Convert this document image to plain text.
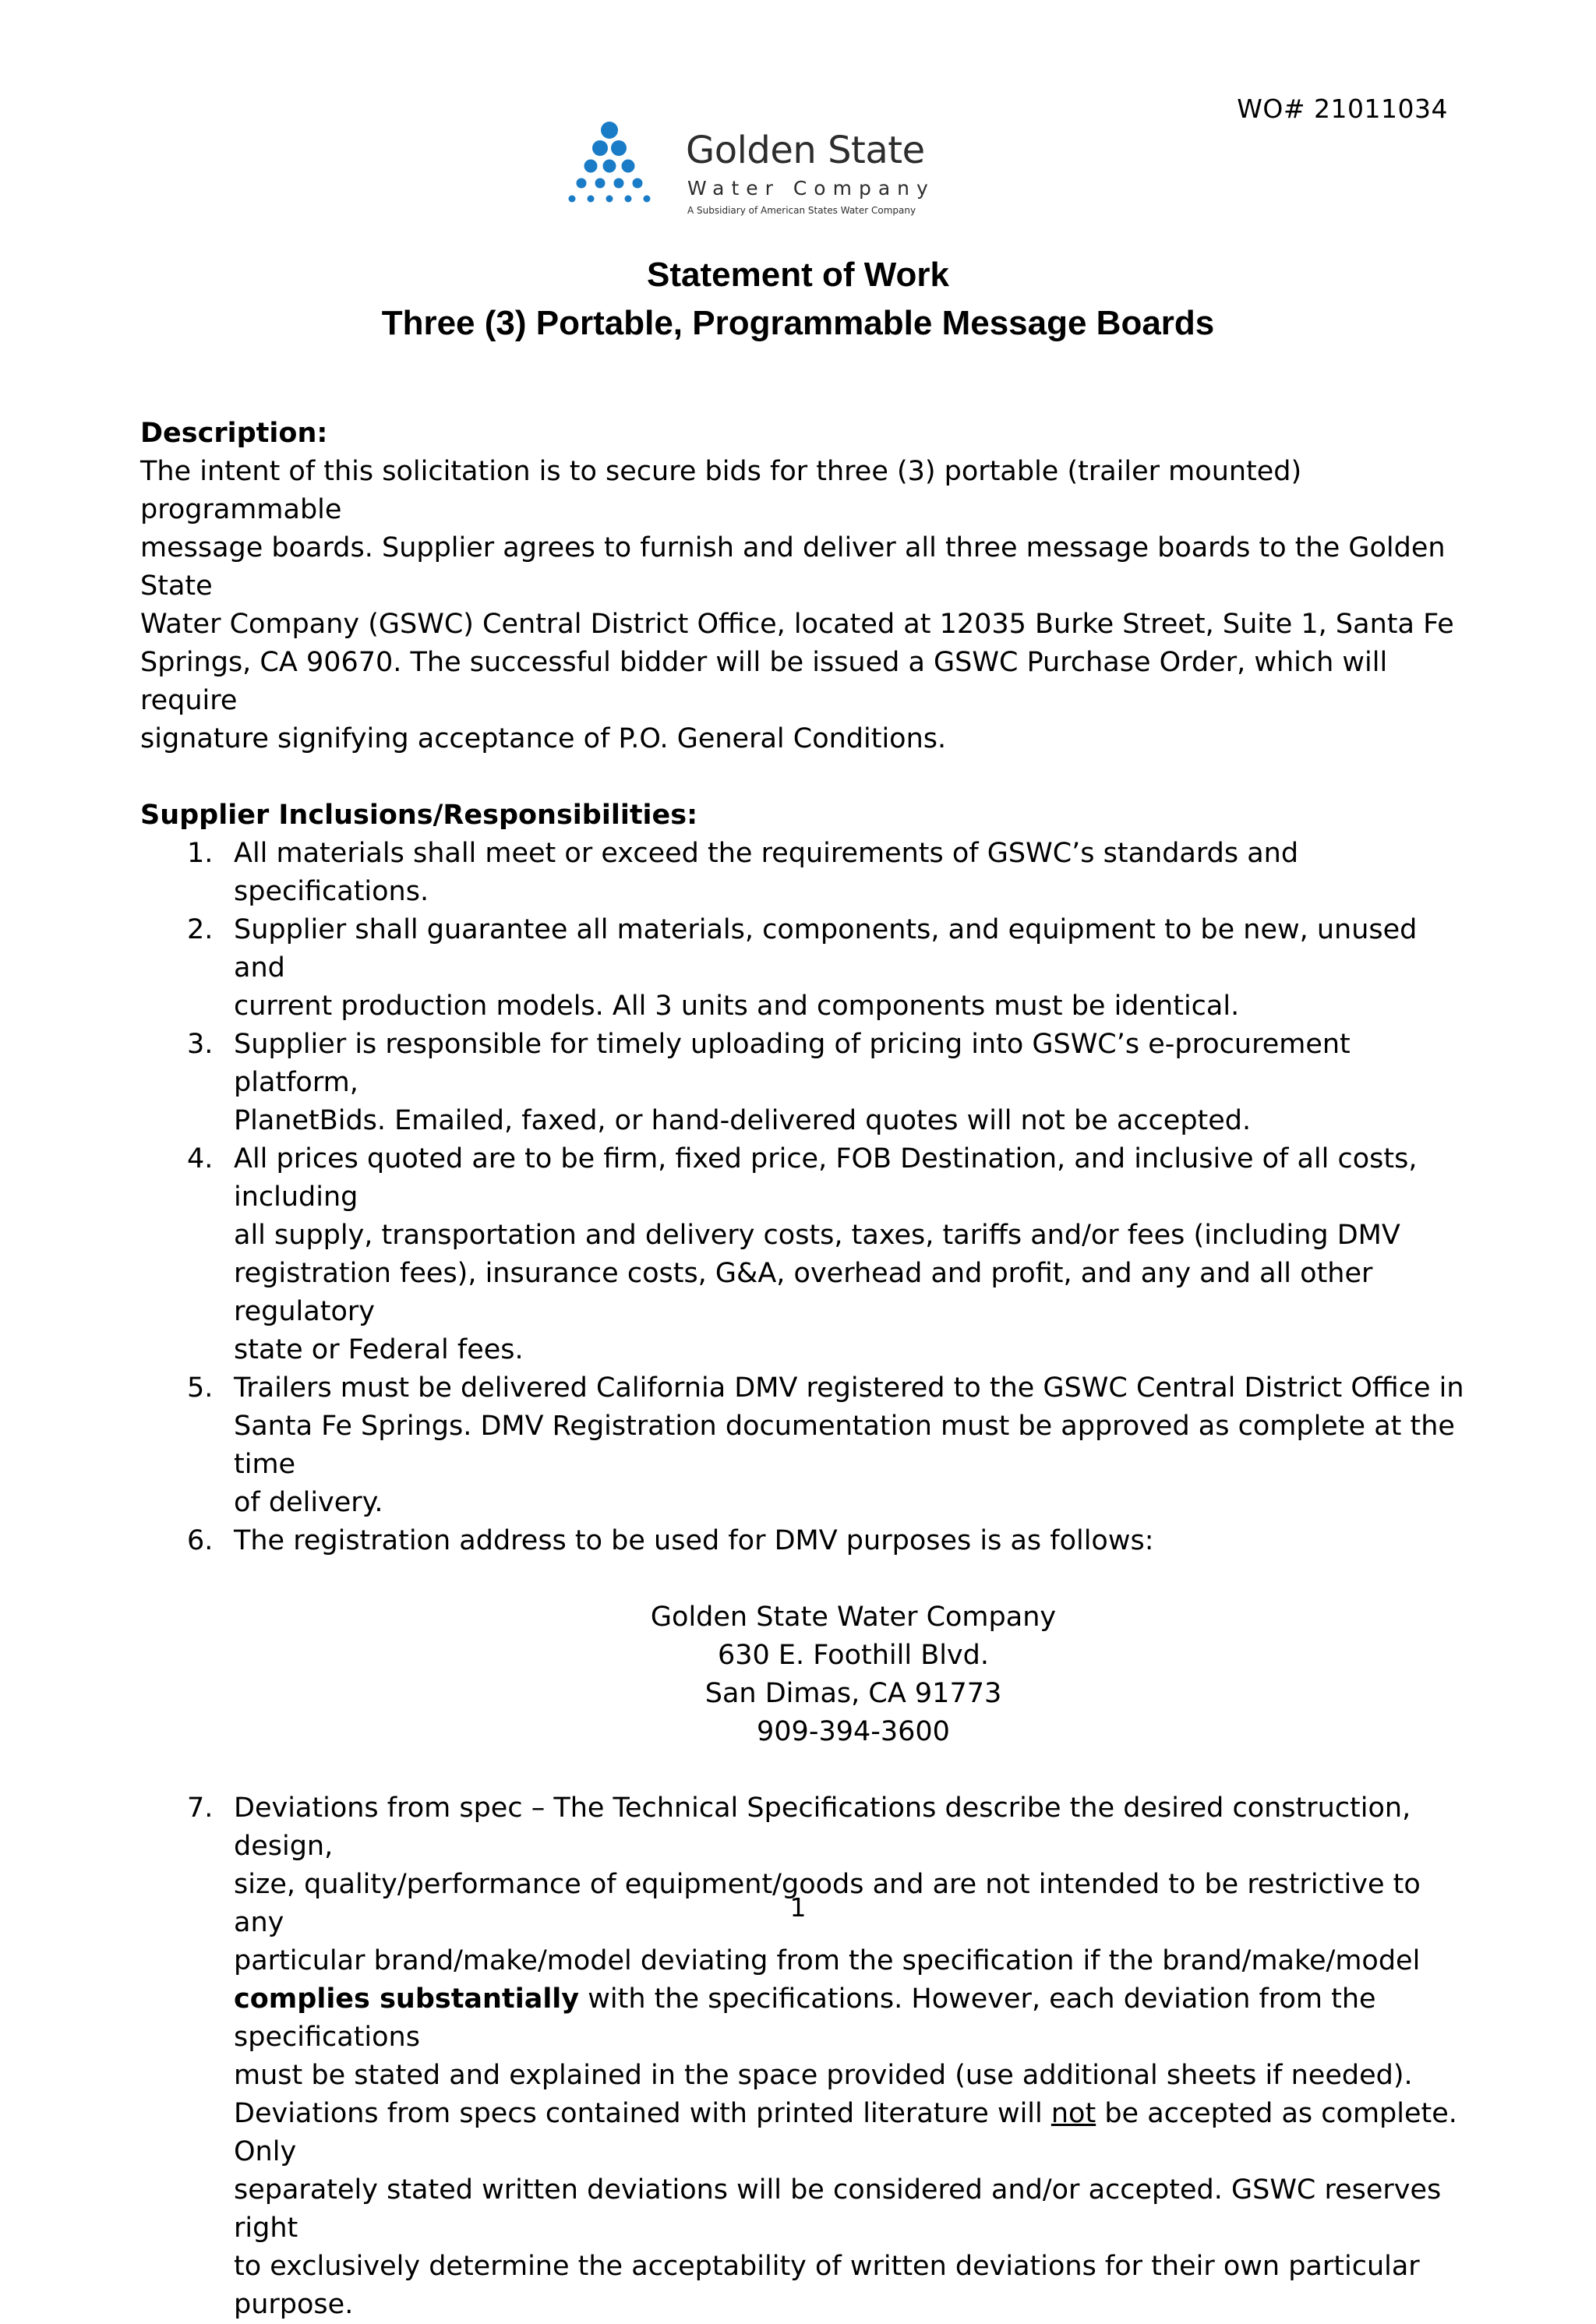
WO# 21011034
Golden State
Water Company
A Subsidiary of American States Water Company
Statement of Work
Three (3) Portable, Programmable Message Boards
Description:
The intent of this solicitation is to secure bids for three (3) portable (trailer mounted) programmable
message boards. Supplier agrees to furnish and deliver all three message boards to the Golden State
Water Company (GSWC) Central District Office, located at 12035 Burke Street, Suite 1, Santa Fe
Springs, CA 90670. The successful bidder will be issued a GSWC Purchase Order, which will require
signature signifying acceptance of P.O. General Conditions.
Supplier Inclusions/Responsibilities:
1. All materials shall meet or exceed the requirements of GSWC’s standards and specifications.
2. Supplier shall guarantee all materials, components, and equipment to be new, unused and
current production models. All 3 units and components must be identical.
3. Supplier is responsible for timely uploading of pricing into GSWC’s e-procurement platform,
PlanetBids. Emailed, faxed, or hand-delivered quotes will not be accepted.
4. All prices quoted are to be firm, fixed price, FOB Destination, and inclusive of all costs, including
all supply, transportation and delivery costs, taxes, tariffs and/or fees (including DMV
registration fees), insurance costs, G&A, overhead and profit, and any and all other regulatory
state or Federal fees.
5. Trailers must be delivered California DMV registered to the GSWC Central District Office in
Santa Fe Springs. DMV Registration documentation must be approved as complete at the time
of delivery.
6. The registration address to be used for DMV purposes is as follows:
Golden State Water Company
630 E. Foothill Blvd.
San Dimas, CA 91773
909-394-3600
7. Deviations from spec – The Technical Specifications describe the desired construction, design,
size, quality/performance of equipment/goods and are not intended to be restrictive to any
particular brand/make/model deviating from the specification if the brand/make/model
complies substantially with the specifications. However, each deviation from the specifications
must be stated and explained in the space provided (use additional sheets if needed).
Deviations from specs contained with printed literature will not be accepted as complete. Only
separately stated written deviations will be considered and/or accepted. GSWC reserves right
to exclusively determine the acceptability of written deviations for their own particular
purpose.
1
